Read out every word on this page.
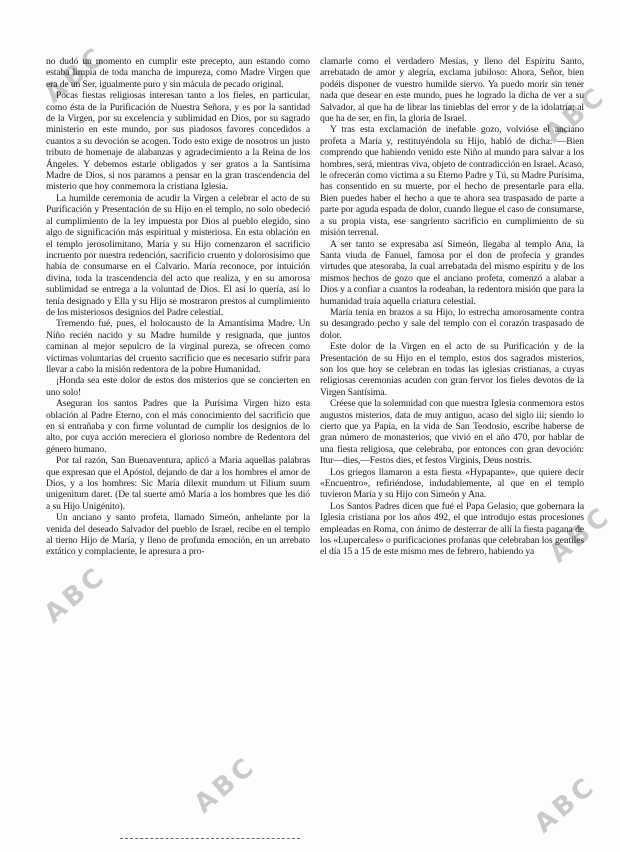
ABC
ABC
ABC
ABC
ABC	ABC

no dudó un momento en cumplir este precepto, aun estando como estaba limpia de toda mancha de impureza, como Madre Virgen que era de un Ser, igualmente puro y sin mácula de pecado original.

Pocas fiestas religiosas interesan tanto a los fieles, en particular, como ésta de la Purificación de Nuestra Señora, y es por la santidad de la Virgen, por su excelencia y sublimidad en Dios, por su sagrado ministerio en este mundo, por sus piadosos favores concedidos a cuantos a su devoción se acogen. Todo esto exige de nosotros un justo tributo de homenaje de alabanzas y agradecimiento a la Reina de los Ángeles. Y debemos estarle obligados y ser gratos a la Santísima Madre de Dios, si nos paramos a pensar en la gran trascendencia del misterio que hoy conmemora la cristiana Iglesia.

La humilde ceremonia de acudir la Virgen a celebrar el acto de su Purificación y Presentación de su Hijo en el templo, no solo obedeció al cumplimiento de la ley impuesta por Dios al pueblo elegido, sino algo de significación más espiritual y misteriosa. En esta oblación en el templo jerosolimitano, María y su Hijo comenzaron el sacrificio incruento por nuestra redención, sacrificio cruento y dolorosísimo que había de consumarse en el Calvario. María reconoce, por intuición divina, toda la trascendencia del acto que realiza, y en su amorosa sublimidad se entrega a la voluntad de Dios. El así lo quería, así lo tenía designado y Ella y su Hijo se mostraron prestos al cumplimiento de los misteriosos designios del Padre celestial.

Tremendo fué, pues, el holocausto de la Amantísima Madre. Un Niño recién nacido y su Madre humilde y resignada, que juntos caminan al mejor sepulcro de la virginal pureza, se ofrecen como víctimas voluntarias del cruento sacrificio que es necesario sufrir para llevar a cabo la misión redentora de la pobre Humanidad.

¡Honda sea este dolor de estos dos misterios que se concierten en uno solo!

Aseguran los santos Padres que la Purísima Virgen hizo esta oblación al Padre Eterno, con el más conocimiento del sacrificio que en sí entrañaba y con firme voluntad de cumplir los designios de lo alto, por cuya acción mereciera el glorioso nombre de Redentora del género humano.

Por tal razón, San Buenaventura, aplicó a María aquellas palabras que expresan que el Apóstol, dejando de dar a los hombres el amor de Dios, y a los hombres: Sic María dilexit mundum ut Filium suum unigenitum daret. (De tal suerte amó María a los hombres que les dió a su Hijo Unigénito).

Un anciano y santo profeta, llamado Simeón, anhelante por la venida del deseado Salvador del pueblo de Israel, recibe en el templo al tierno Hijo de María, y lleno de profunda emoción, en un arrebato extático y complaciente, le apresura a pro-

clamarle como el verdadero Mesías, y lleno del Espíritu Santo, arrebatado de amor y alegría, exclama jubiloso: Ahora, Señor, bien podéis disponer de vuestro humilde siervo. Ya puedo morir sin tener nada que desear en este mundo, pues he logrado la dicha de ver a su Salvador, al que ha de librar las tinieblas del error y de la idolatría; al que ha de ser, en fin, la gloria de Israel.

Y tras esta exclamación de inefable gozo, volvióse el anciano profeta a María y, restituyéndola su Hijo, habló de dicha: —Bien comprendo que habiendo venido este Niño al mundo para salvar a los hombres, será, mientras viva, objeto de contradicción en Israel. Acaso, le ofrecerán como víctima a su Eterno Padre y Tú, su Madre Purísima, has consentido en su muerte, por el hecho de presentarle para ella. Bien puedes haber el hecho a que te ahora sea traspasado de parte a parte por aguda espada de dolor, cuando llegue el caso de consumarse, a su propia vista, ese sangriento sacrificio en cumplimiento de su misión terrenal.

A ser tanto se expresaba así Simeón, llegaba al templo Ana, la Santa viuda de Fanuel, famosa por el don de profecía y grandes virtudes que atesoraba, la cual arrebatada del mismo espíritu y de los mismos hechos de gozo que el anciano profeta, comenzó a alabar a Dios y a confiar a cuantos la rodeaban, la redentora misión que para la humanidad traía aquella criatura celestial.

María tenía en brazos a su Hijo, lo estrecha amorosamente contra su desangrado pecho y sale del templo con el corazón traspasado de dolor.

Este dolor de la Virgen en el acto de su Purificación y de la Presentación de su Hijo en el templo, estos dos sagrados misterios, son los que hoy se celebran en todas las iglesias cristianas, a cuyas religiosas ceremonias acuden con gran fervor los fieles devotos de la Virgen Santísima.

Créese que la solemnidad con que nuestra Iglesia conmemora estos augustos misterios, data de muy antiguo, acaso del siglo iii; siendo lo cierto que ya Papía, en la vida de San Teodosio, escribe haberse de gran número de monasterios, que vivió en el año 470, por hablar de una fiesta religiosa, que celebraba, por entonces con gran devoción: Itur—dies,—Festos dies, et festos Virginis, Deus nostris.

Los griegos llamaron a esta fiesta «Hypapante», que quiere decir «Encuentro», refiriéndose, indudablemente, al que en el templo tuvieron María y su Hijo con Simeón y Ana.

Los Santos Padres dicen que fué el Papa Gelasio, que gobernara la Iglesia cristiana por los años 492, el que introdujo estas procesiones empleadas en Roma, con ánimo de desterrar de allí la fiesta pagana de los «Lupercales» o purificaciones profanas que celebraban los gentiles el día 15 a 15 de este mismo mes de febrero, habiendo ya
